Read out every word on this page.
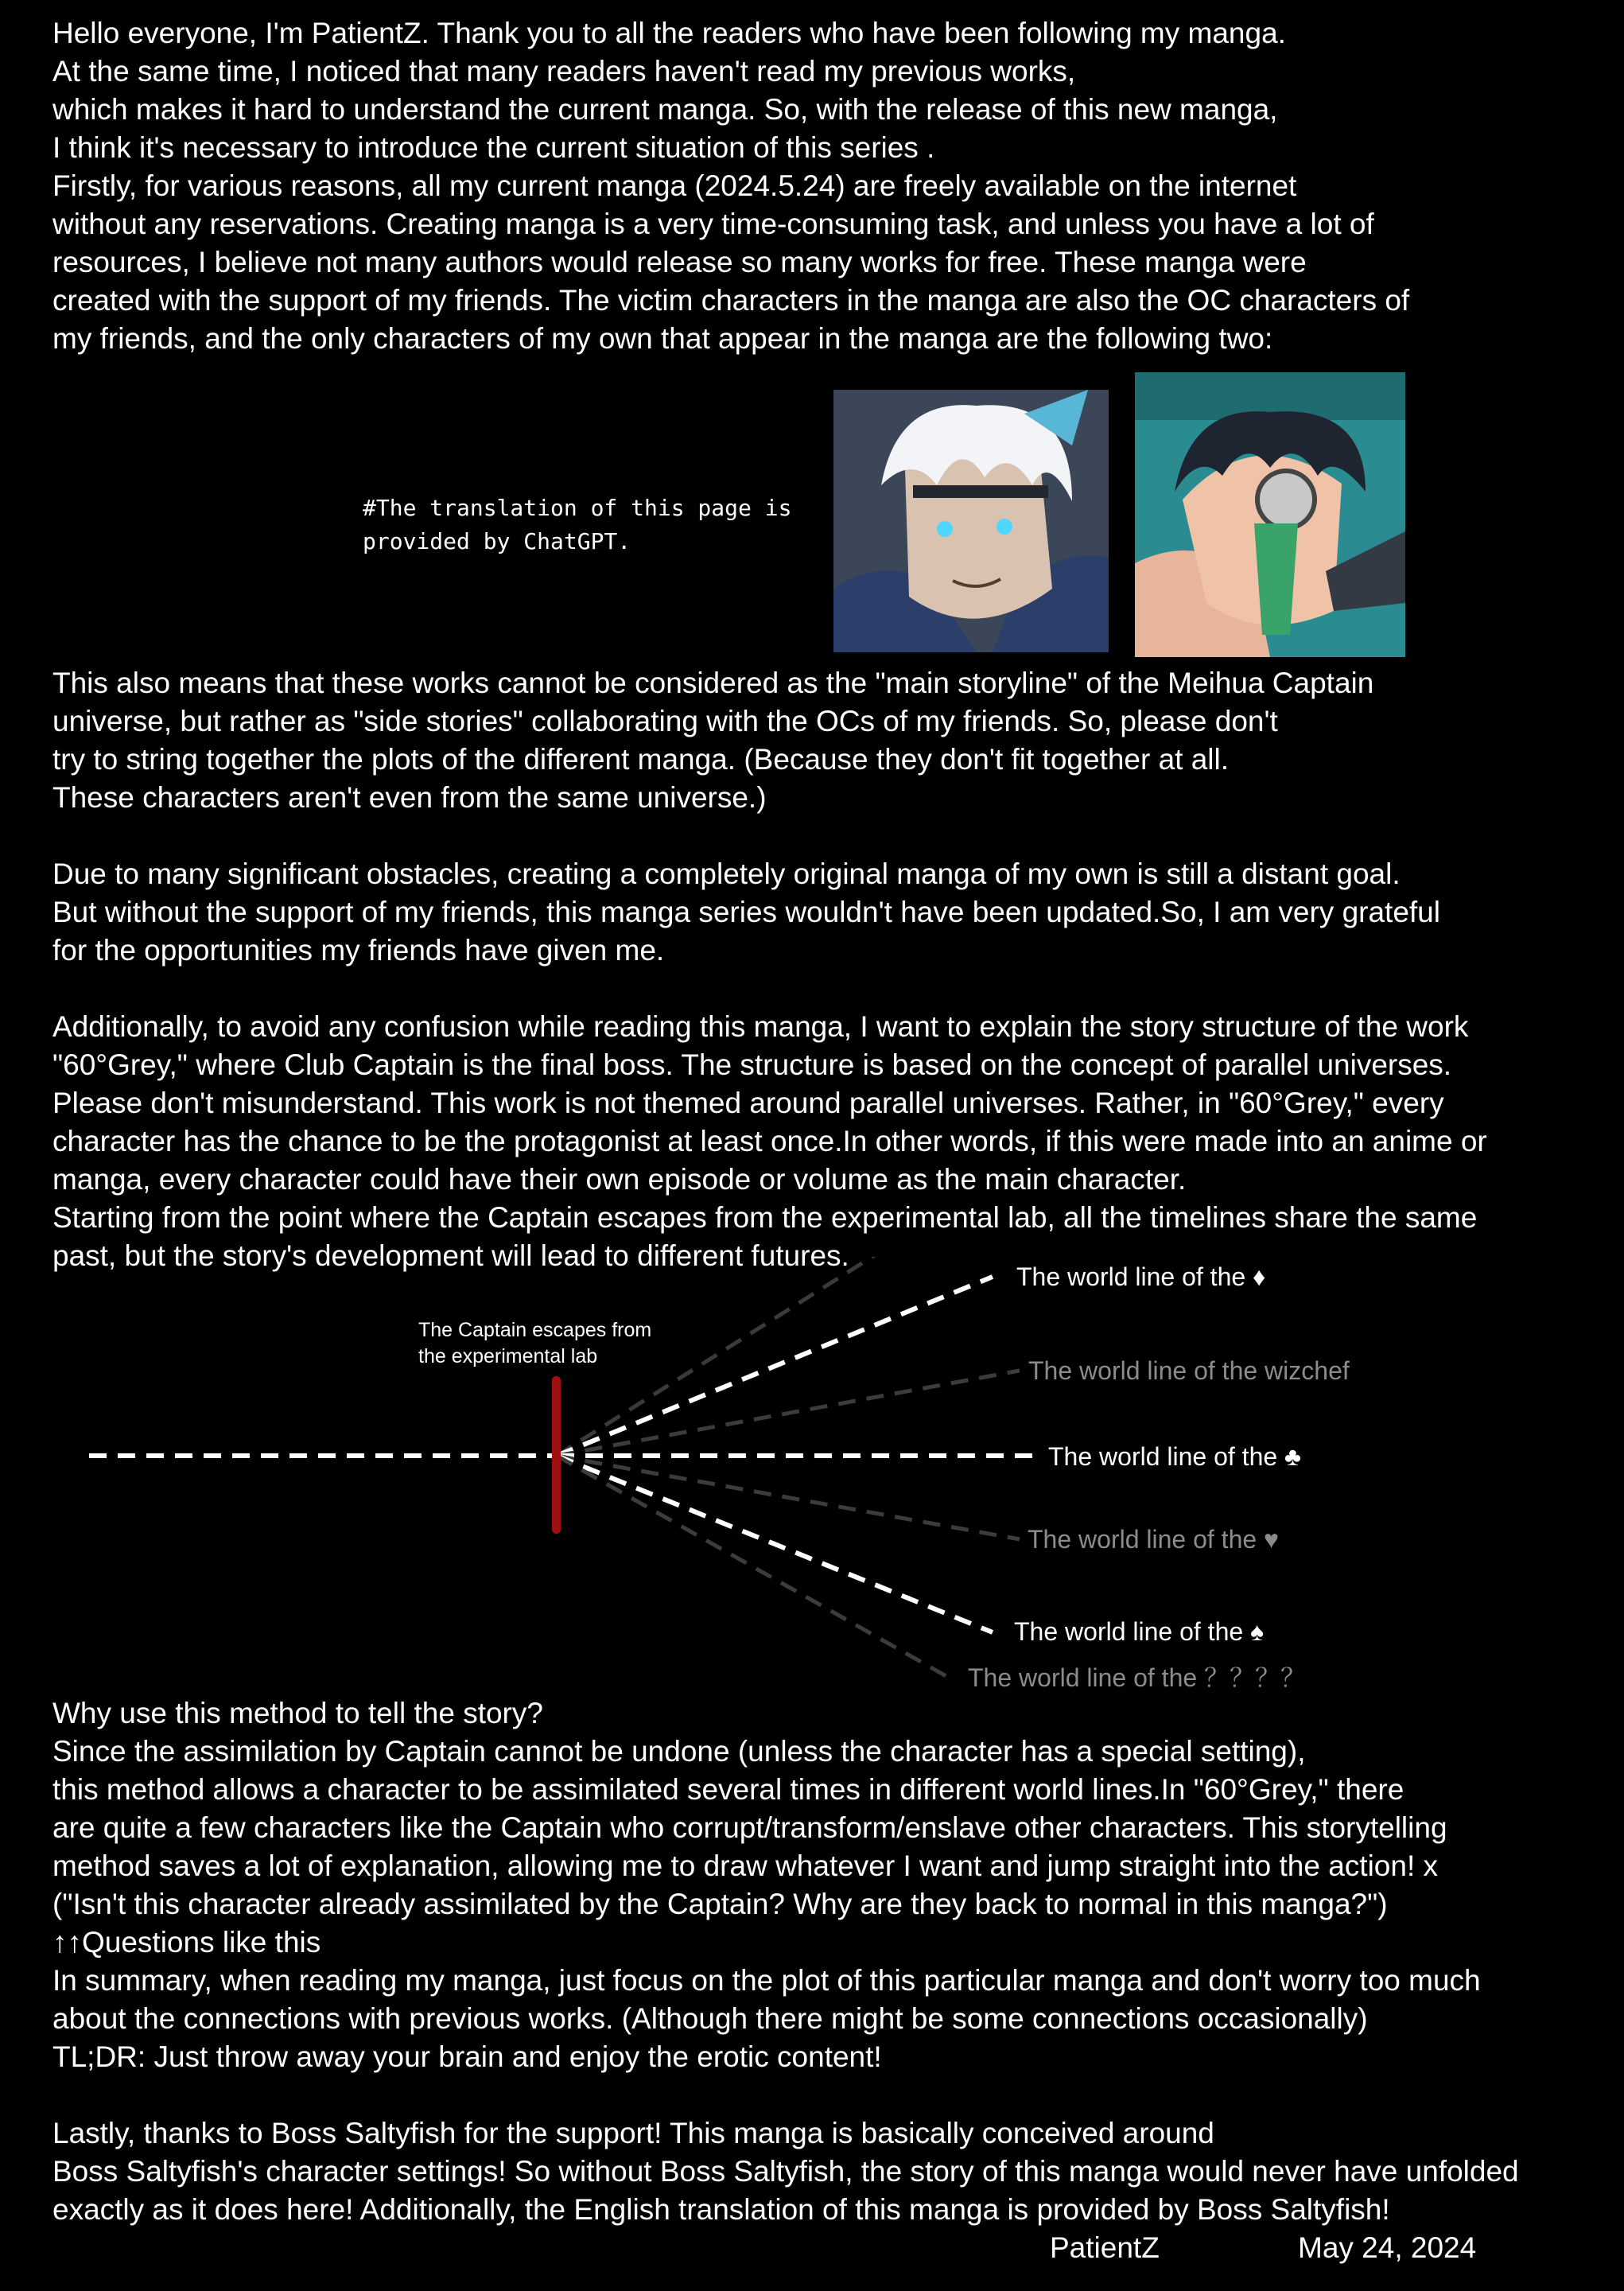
Hello everyone, I'm PatientZ. Thank you to all the readers who have been following my manga.
At the same time, I noticed that many readers haven't read my previous works,
which makes it hard to understand the current manga. So, with the release of this new manga,
I think it's necessary to introduce the current situation of this series .
Firstly, for various reasons, all my current manga (2024.5.24) are freely available on the internet
without any reservations. Creating manga is a very time-consuming task, and unless you have a lot of
resources, I believe not many authors would release so many works for free. These manga were
created with the support of my friends. The victim characters in the manga are also the OC characters of
my friends, and the only characters of my own that appear in the manga are the following two:
#The translation of this page is
provided by ChatGPT.
This also means that these works cannot be considered as the "main storyline" of the Meihua Captain
universe, but rather as "side stories" collaborating with the OCs of my friends. So, please don't
try to string together the plots of the different manga. (Because they don't fit together at all.
These characters aren't even from the same universe.)
Due to many significant obstacles, creating a completely original manga of my own is still a distant goal.
But without the support of my friends, this manga series wouldn't have been updated.So, I am very grateful
for the opportunities my friends have given me.
Additionally, to avoid any confusion while reading this manga, I want to explain the story structure of the work
"60°Grey," where Club Captain is the final boss. The structure is based on the concept of parallel universes.
Please don't misunderstand. This work is not themed around parallel universes. Rather, in "60°Grey," every
character has the chance to be the protagonist at least once.In other words, if this were made into an anime or
manga, every character could have their own episode or volume as the main character.
Starting from the point where the Captain escapes from the experimental lab, all the timelines share the same
past, but the story's development will lead to different futures.
The Captain escapes from
the experimental lab
The world line of the ♦
The world line of the wizchef
The world line of the ♣
The world line of the ♥
The world line of the ♠
The world line of the ？？？？
Why use this method to tell the story?
Since the assimilation by Captain cannot be undone (unless the character has a special setting),
this method allows a character to be assimilated several times in different world lines.In "60°Grey," there
are quite a few characters like the Captain who corrupt/transform/enslave other characters. This storytelling
method saves a lot of explanation, allowing me to draw whatever I want and jump straight into the action! x
("Isn't this character already assimilated by the Captain? Why are they back to normal in this manga?")
↑↑Questions like this
In summary, when reading my manga, just focus on the plot of this particular manga and don't worry too much
about the connections with previous works. (Although there might be some connections occasionally)
TL;DR: Just throw away your brain and enjoy the erotic content!
Lastly, thanks to Boss Saltyfish for the support! This manga is basically conceived around
Boss Saltyfish's character settings! So without Boss Saltyfish, the story of this manga would never have unfolded
exactly as it does here! Additionally, the English translation of this manga is provided by Boss Saltyfish!
PatientZ	May 24, 2024
